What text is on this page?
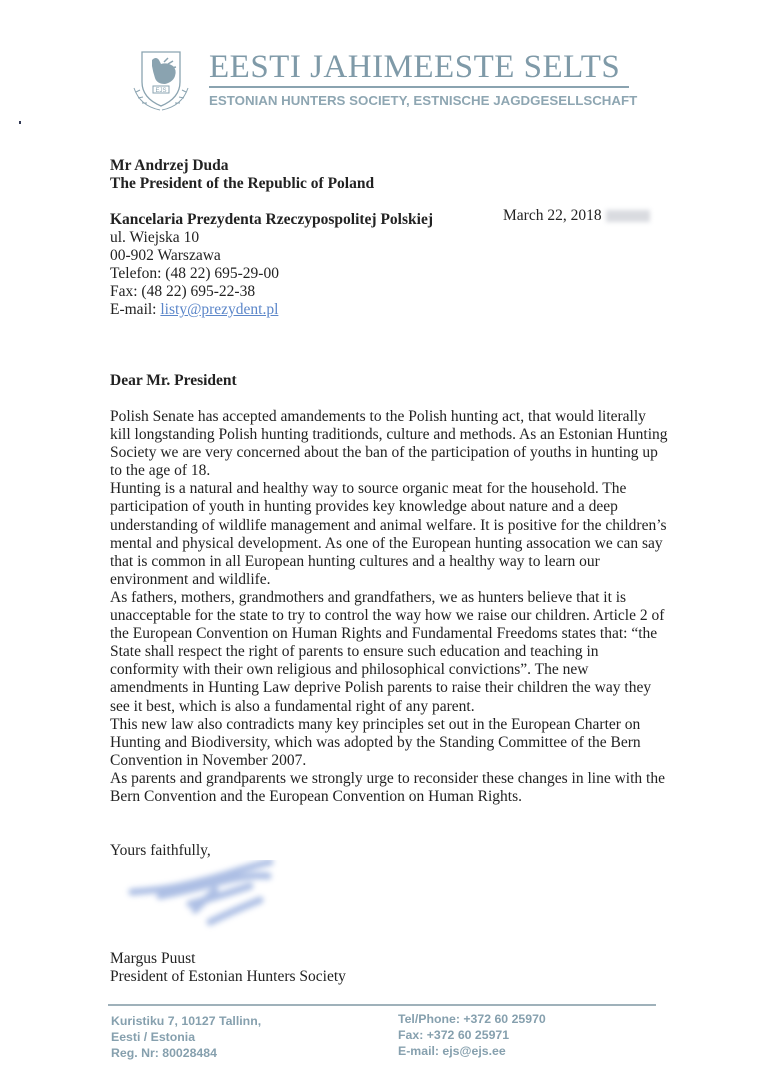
EJS
EESTI JAHIMEESTE SELTS
ESTONIAN HUNTERS SOCIETY, ESTNISCHE JAGDGESELLSCHAFT
Mr Andrzej Duda
The President of the Republic of Poland
Kancelaria Prezydenta Rzeczypospolitej Polskiej
ul. Wiejska 10
00-902 Warszawa
Telefon: (48 22) 695-29-00
Fax: (48 22) 695-22-38
E-mail: listy@prezydent.pl
March 22, 2018
Dear Mr. President

Polish Senate has accepted amandements to the Polish hunting act, that would literally kill longstanding Polish hunting traditionds, culture and methods. As an Estonian Hunting Society we are very concerned about the ban of the participation of youths in hunting up to the age of 18.

Hunting is a natural and healthy way to source organic meat for the household. The participation of youth in hunting provides key knowledge about nature and a deep understanding of wildlife management and animal welfare. It is positive for the children’s mental and physical development. As one of the European hunting assocation we can say that is common in all European hunting cultures and a healthy way to learn our environment and wildlife.

As fathers, mothers, grandmothers and grandfathers, we as hunters believe that it is unacceptable for the state to try to control the way how we raise our children. Article 2 of the European Convention on Human Rights and Fundamental Freedoms states that: “the State shall respect the right of parents to ensure such education and teaching in conformity with their own religious and philosophical convictions”. The new amendments in Hunting Law deprive Polish parents to raise their children the way they see it best, which is also a fundamental right of any parent.

This new law also contradicts many key principles set out in the European Charter on Hunting and Biodiversity, which was adopted by the Standing Committee of the Bern Convention in November 2007.

As parents and grandparents we strongly urge to reconsider these changes in line with the Bern Convention and the European Convention on Human Rights.

Yours faithfully,
Margus Puust
President of Estonian Hunters Society
Kuristiku 7, 10127 Tallinn,
Eesti / Estonia
Reg. Nr: 80028484
Tel/Phone: +372 60 25970
Fax: +372 60 25971
E-mail: ejs@ejs.ee
